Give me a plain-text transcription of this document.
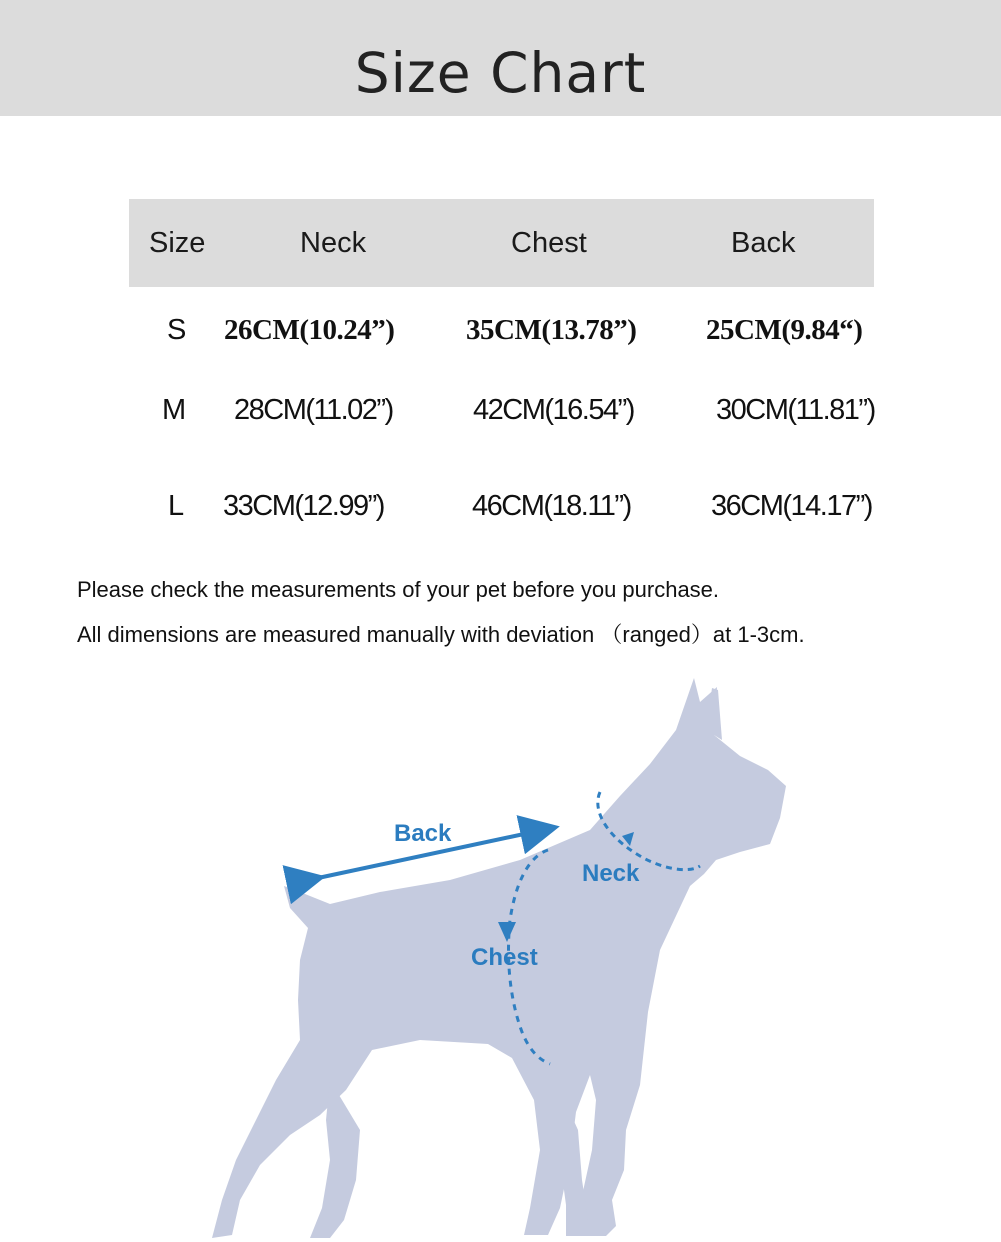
Size Chart
Size	Neck	Chest	Back
S 26CM(10.24”) 35CM(13.78”) 25CM(9.84“)
M 28CM(11.02”)	42CM(16.54”)	30CM(11.81”)
L 33CM(12.99”)	46CM(18.11”)	36CM(14.17”)
Please check the measurements of your pet before you purchase.
All dimensions are measured manually with deviation （ranged）at 1-3cm.
Back
Neck
Chest
